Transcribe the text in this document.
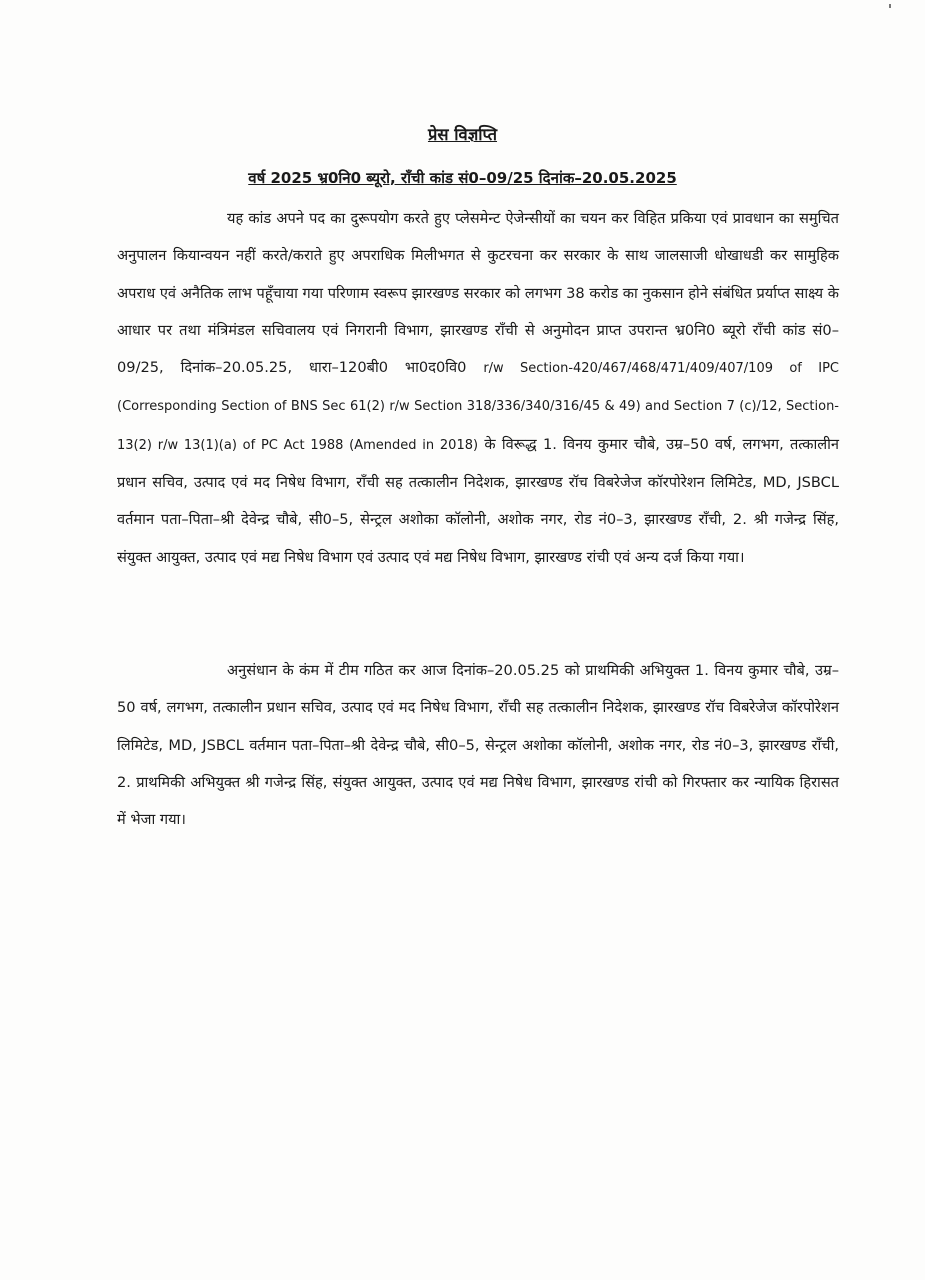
प्रेस विज्ञप्ति
वर्ष 2025 भ्र0नि0 ब्यूरो, राँची कांड सं0–09/25 दिनांक–20.05.2025

यह कांड अपने पद का दुरूपयोग करते हुए प्लेसमेन्ट ऐजेन्सीयों का चयन कर विहित प्रकिया एवं प्रावधान का समुचित अनुपालन कियान्वयन नहीं करते/कराते हुए अपराधिक मिलीभगत से कुटरचना कर सरकार के साथ जालसाजी धोखाधडी कर सामुहिक अपराध एवं अनैतिक लाभ पहूँचाया गया परिणाम स्वरूप झारखण्ड सरकार को लगभग 38 करोड का नुकसान होने संबंधित प्रर्याप्त साक्ष्य के आधार पर तथा मंत्रिमंडल सचिवालय एवं निगरानी विभाग, झारखण्ड राँची से अनुमोदन प्राप्त उपरान्त भ्र0नि0 ब्यूरो राँची कांड सं0–09/25, दिनांक–20.05.25, धारा–120बी0 भा0द0वि0 r/w Section-420/467/468/471/409/407/109 of IPC (Corresponding Section of BNS Sec 61(2) r/w Section 318/336/340/316/45 & 49) and Section 7 (c)/12, Section-13(2) r/w 13(1)(a) of PC Act 1988 (Amended in 2018) के विरूद्ध 1. विनय कुमार चौबे, उम्र–50 वर्ष, लगभग, तत्कालीन प्रधान सचिव, उत्पाद एवं मद निषेध विभाग, राँची सह तत्कालीन निदेशक, झारखण्ड रॉच विबरेजेज कॉरपोरेशन लिमिटेड, MD, JSBCL वर्तमान पता–पिता–श्री देवेन्द्र चौबे, सी0–5, सेन्ट्रल अशोका कॉलोनी, अशोक नगर, रोड नं0–3, झारखण्ड राँची, 2. श्री गजेन्द्र सिंह, संयुक्त आयुक्त, उत्पाद एवं मद्य निषेध विभाग एवं उत्पाद एवं मद्य निषेध विभाग, झारखण्ड रांची एवं अन्य दर्ज किया गया।

अनुसंधान के कंम में टीम गठित कर आज दिनांक–20.05.25 को प्राथमिकी अभियुक्त 1. विनय कुमार चौबे, उम्र–50 वर्ष, लगभग, तत्कालीन प्रधान सचिव, उत्पाद एवं मद निषेध विभाग, राँची सह तत्कालीन निदेशक, झारखण्ड रॉच विबरेजेज कॉरपोरेशन लिमिटेड, MD, JSBCL वर्तमान पता–पिता–श्री देवेन्द्र चौबे, सी0–5, सेन्ट्रल अशोका कॉलोनी, अशोक नगर, रोड नं0–3, झारखण्ड राँची, 2. प्राथमिकी अभियुक्त श्री गजेन्द्र सिंह, संयुक्त आयुक्त, उत्पाद एवं मद्य निषेध विभाग, झारखण्ड रांची को गिरफ्तार कर न्यायिक हिरासत में भेजा गया।
